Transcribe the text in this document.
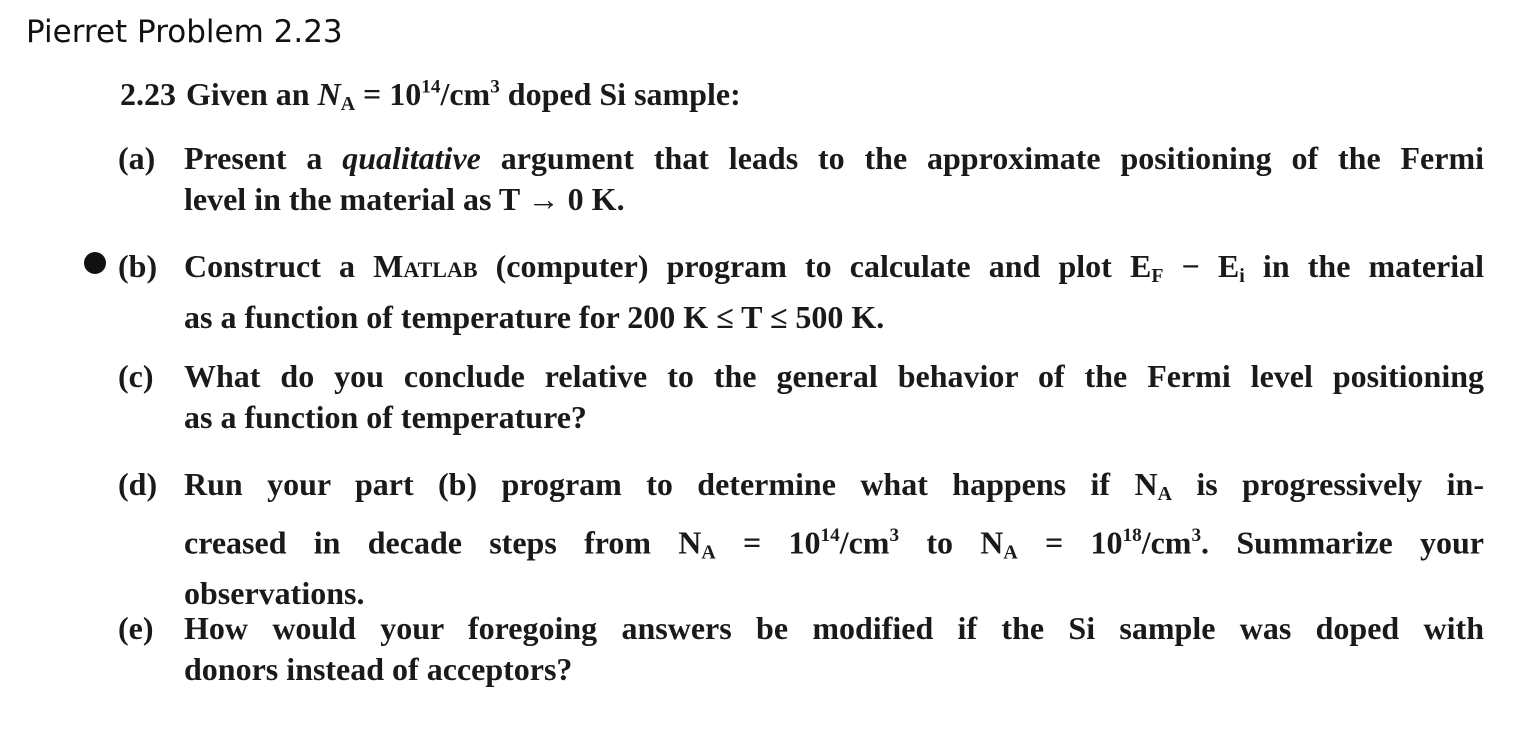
Pierret Problem 2.23
2.23 Given an $N_A = 10^{14}/cm^3$ doped Si sample:
(a) Present a qualitative argument that leads to the approximate positioning of the Fermi
level in the material as T → 0 K.
(b) Construct a Matlab (computer) program to calculate and plot $E_F - E_i$ in the material
as a function of temperature for 200 K ≤ T ≤ 500 K.
(c) What do you conclude relative to the general behavior of the Fermi level positioning
as a function of temperature?
(d) Run your part (b) program to determine what happens if $N_A$ is progressively in-
creased in decade steps from $N_A = 10^{14}/cm^3$ to $N_A = 10^{18}/cm^3$. Summarize your
observations.
(e) How would your foregoing answers be modified if the Si sample was doped with
donors instead of acceptors?
